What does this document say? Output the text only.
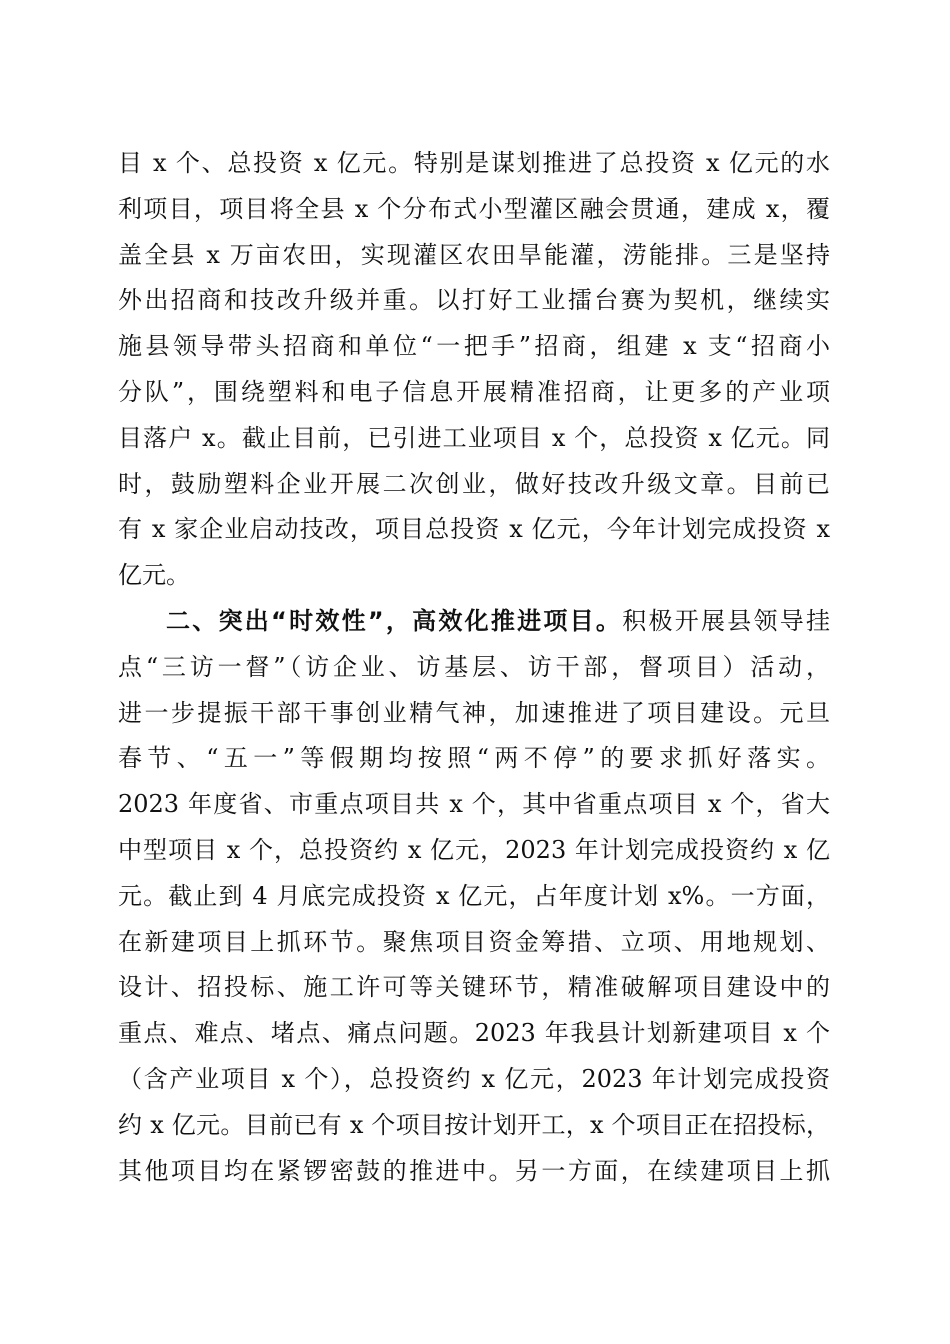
目 x 个、总投资 x 亿元。特别是谋划推进了总投资 x 亿元的水
利项目，项目将全县 x 个分布式小型灌区融会贯通，建成 x，覆
盖全县 x 万亩农田，实现灌区农田旱能灌，涝能排。三是坚持
外出招商和技改升级并重。以打好工业擂台赛为契机，继续实
施县领导带头招商和单位“一把手”招商，组建 x 支“招商小
分队”，围绕塑料和电子信息开展精准招商，让更多的产业项
目落户 x。截止目前，已引进工业项目 x 个，总投资 x 亿元。同
时，鼓励塑料企业开展二次创业，做好技改升级文章。目前已
有 x 家企业启动技改，项目总投资 x 亿元，今年计划完成投资 x
亿元。
二、突出“时效性”，高效化推进项目。积极开展县领导挂
点“三访一督”（访企业、访基层、访干部，督项目）活动，
进一步提振干部干事创业精气神，加速推进了项目建设。元旦
春节、“五一”等假期均按照“两不停”的要求抓好落实。
2023 年度省、市重点项目共 x 个，其中省重点项目 x 个，省大
中型项目 x 个，总投资约 x 亿元，2023 年计划完成投资约 x 亿
元。截止到 4 月底完成投资 x 亿元，占年度计划 x%。一方面，
在新建项目上抓环节。聚焦项目资金筹措、立项、用地规划、
设计、招投标、施工许可等关键环节，精准破解项目建设中的
重点、难点、堵点、痛点问题。2023 年我县计划新建项目 x 个
（含产业项目 x 个），总投资约 x 亿元，2023 年计划完成投资
约 x 亿元。目前已有 x 个项目按计划开工，x 个项目正在招投标，
其他项目均在紧锣密鼓的推进中。另一方面，在续建项目上抓
